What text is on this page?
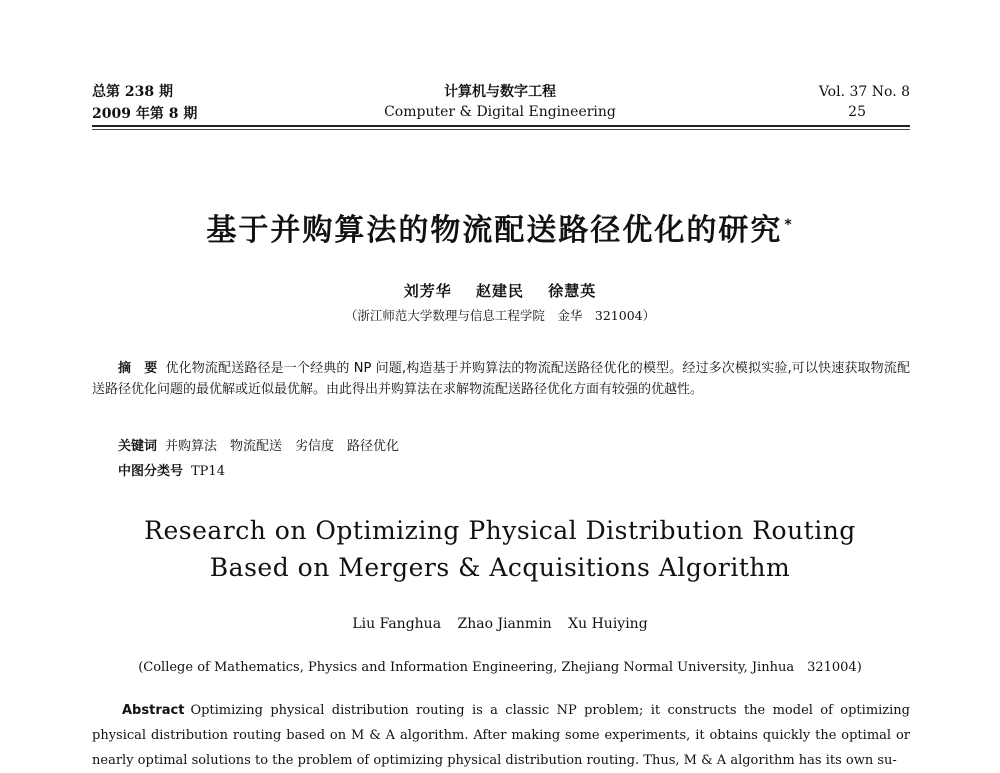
总第 238 期
2009 年第 8 期
计算机与数字工程
Computer & Digital Engineering
Vol. 37 No. 8
25
基于并购算法的物流配送路径优化的研究 *
刘芳华 赵建民 徐慧英
（浙江师范大学数理与信息工程学院　金华　321004）
摘　要 优化物流配送路径是一个经典的 NP 问题,构造基于并购算法的物流配送路径优化的模型。经过多次模拟实验,可以快速获取物流配送路径优化问题的最优解或近似最优解。由此得出并购算法在求解物流配送路径优化方面有较强的优越性。
关键词 并购算法　物流配送　劣信度　路径优化
中图分类号 TP14
Research on Optimizing Physical Distribution Routing
Based on Mergers & Acquisitions Algorithm
Liu Fanghua Zhao Jianmin Xu Huiying
(College of Mathematics, Physics and Information Engineering, Zhejiang Normal University, Jinhua　321004)
Abstract Optimizing physical distribution routing is a classic NP problem; it constructs the model of optimizing physical distribution routing based on M & A algorithm. After making some experiments, it obtains quickly the optimal or nearly optimal solutions to the problem of optimizing physical distribution routing. Thus, M & A algorithm has its own su-
